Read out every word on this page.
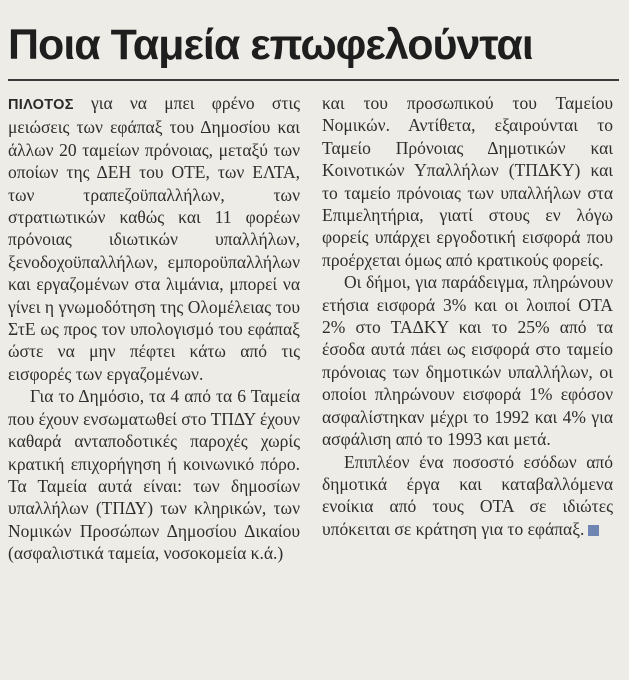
Ποια Ταμεία επωφελούνται

ΠΙΛΟΤΟΣ για να μπει φρένο στις μειώσεις των εφάπαξ του Δημοσίου και άλλων 20 ταμείων πρόνοιας, μεταξύ των οποίων της ΔΕΗ του ΟΤΕ, των ΕΛΤΑ, των τραπεζοϋπαλλήλων, των στρατιωτικών καθώς και 11 φορέων πρόνοιας ιδιωτικών υπαλλήλων, ξενοδοχοϋπαλλήλων, εμποροϋπαλλήλων και εργαζομένων στα λιμάνια, μπορεί να γίνει η γνωμοδότηση της Ολομέλειας του ΣτΕ ως προς τον υπολογισμό του εφάπαξ ώστε να μην πέφτει κάτω από τις εισφορές των εργαζομένων.

Για το Δημόσιο, τα 4 από τα 6 Ταμεία που έχουν ενσωματωθεί στο ΤΠΔΥ έχουν καθαρά ανταποδοτικές παροχές χωρίς κρατική επιχορήγηση ή κοινωνικό πόρο. Τα Ταμεία αυτά είναι: των δημοσίων υπαλλήλων (ΤΠΔΥ) των κληρικών, των Νομικών Προσώπων Δημοσίου Δικαίου (ασφαλιστικά ταμεία, νοσοκομεία κ.ά.)

και του προσωπικού του Ταμείου Νομικών. Αντίθετα, εξαιρούνται το Ταμείο Πρόνοιας Δημοτικών και Κοινοτικών Υπαλλήλων (ΤΠΔΚΥ) και το ταμείο πρόνοιας των υπαλλήλων στα Επιμελητήρια, γιατί στους εν λόγω φορείς υπάρχει εργοδοτική εισφορά που προέρχεται όμως από κρατικούς φορείς.

Οι δήμοι, για παράδειγμα, πληρώνουν ετήσια εισφορά 3% και οι λοιποί ΟΤΑ 2% στο ΤΑΔΚΥ και το 25% από τα έσοδα αυτά πάει ως εισφορά στο ταμείο πρόνοιας των δημοτικών υπαλλήλων, οι οποίοι πληρώνουν εισφορά 1% εφόσον ασφαλίστηκαν μέχρι το 1992 και 4% για ασφάλιση από το 1993 και μετά.

Επιπλέον ένα ποσοστό εσόδων από δημοτικά έργα και καταβαλλόμενα ενοίκια από τους ΟΤΑ σε ιδιώτες υπόκειται σε κράτηση για το εφάπαξ.
